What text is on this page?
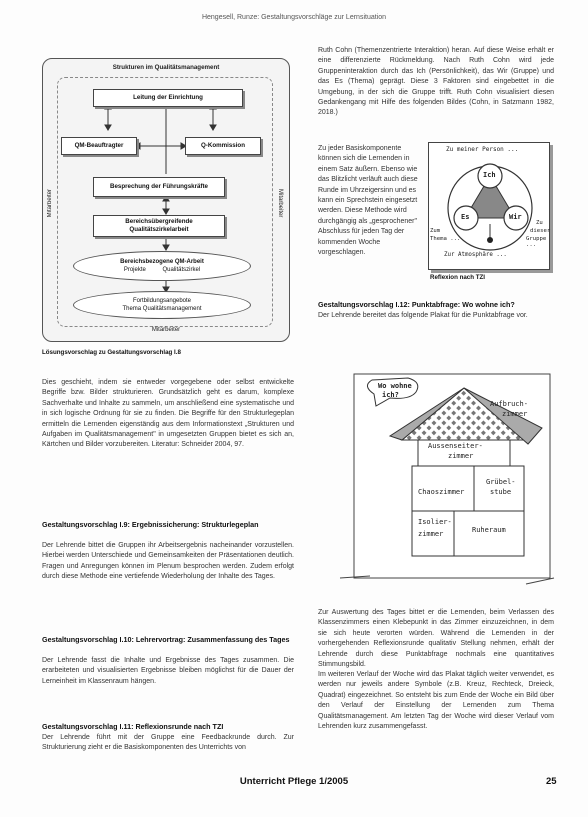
Hengesell, Runze: Gestaltungsvorschläge zur Lernsituation
Strukturen im Qualitätsmanagement
Leitung der Einrichtung
QM-Beauftragter	Q-Kommission
Besprechung der Führungskräfte
Bereichsübergreifende
Qualitätszirkelarbeit
Bereichsbezogene QM-Arbeit
Projekte          Qualitätszirkel
Fortbildungsangebote
Thema Qualitätsmanagement
Mitarbeiter	Mitarbeiter
Mitarbeiter
Lösungsvorschlag zu Gestaltungsvorschlag I.8

Dies geschieht, indem sie entweder vorgegebene oder selbst entwickelte Begriffe bzw. Bilder strukturieren. Grundsätzlich geht es darum, komplexe Sachverhalte und Inhalte zu sammeln, um anschließend eine systematische und in sich logische Ordnung für sie zu finden. Die Begriffe für den Strukturlegeplan ermitteln die Lernenden eigenständig aus dem Informationstext „Strukturen und Aufgaben im Qualitätsmanagement" in umgesetzten Gruppen bietet es sich an, Kärtchen und Bilder vorzubereiten. Literatur: Schneider 2004, 97.

Gestaltungsvorschlag I.9: Ergebnissicherung: Strukturlegeplan

Der Lehrende bittet die Gruppen ihr Arbeitsergebnis nacheinander vorzustellen. Hierbei werden Unterschiede und Gemeinsamkeiten der Präsentationen deutlich. Fragen und Anregungen können im Plenum besprochen werden. Zudem erfolgt durch diese Methode eine vertiefende Wiederholung der Inhalte des Tages.

Gestaltungsvorschlag I.10: Lehrervortrag: Zusammenfassung des Tages

Der Lehrende fasst die Inhalte und Ergebnisse des Tages zusammen. Die erarbeiteten und visualisierten Ergebnisse bleiben möglichst für die Dauer der Lerneinheit im Klassenraum hängen.

Gestaltungsvorschlag I.11: Reflexionsrunde nach TZI

Der Lehrende führt mit der Gruppe eine Feedbackrunde durch. Zur Strukturierung zieht er die Basiskomponenten des Unterrichts von

Ruth Cohn (Themenzentrierte Interaktion) heran. Auf diese Weise erhält er eine differenzierte Rückmeldung. Nach Ruth Cohn wird jede Gruppeninteraktion durch das Ich (Persönlichkeit), das Wir (Gruppe) und das Es (Thema) geprägt. Diese 3 Faktoren sind eingebettet in die Umgebung, in der sich die Gruppe trifft. Ruth Cohn visualisiert diesen Gedankengang mit Hilfe des folgenden Bildes (Cohn, in Satzmann 1982, 2018.)

Zu jeder Basiskomponente können sich die Lernenden in einem Satz äußern. Ebenso wie das Blitzlicht verläuft auch diese Runde im Uhrzeigersinn und es kann ein Sprechstein eingesetzt werden. Diese Methode wird durchgängig als „gesprochener" Abschluss für jeden Tag der kommenden Woche vorgeschlagen.

Zu meiner Person ...
Ich
Es	Wir
Zum
Thema ...
Zu
dieser
Gruppe ...
Zur Atmosphäre ...
Reflexion nach TZI

Gestaltungsvorschlag I.12: Punktabfrage: Wo wohne ich?

Der Lehrende bereitet das folgende Plakat für die Punktabfrage vor.

Wo wohne
ich?
Aufbruch-
zimmer
Aussenseiter-
zimmer
Chaoszimmer
Grübel-
stube
Isolier-
zimmer	Ruheraum

Zur Auswertung des Tages bittet er die Lernenden, beim Verlassen des Klassenzimmers einen Klebepunkt in das Zimmer einzuzeichnen, in dem sie sich heute verorten würden. Während die Lernenden in der vorhergehenden Reflexionsrunde qualitativ Stellung nehmen, erhält der Lehrende durch diese Punktabfrage nochmals eine quantitatives Stimmungsbild.

Im weiteren Verlauf der Woche wird das Plakat täglich weiter verwendet, es werden nur jeweils andere Symbole (z.B. Kreuz, Rechteck, Dreieck, Quadrat) eingezeichnet. So entsteht bis zum Ende der Woche ein Bild über den Verlauf der Einstellung der Lernenden zum Thema Qualitätsmanagement. Am letzten Tag der Woche wird dieser Verlauf vom Lehrenden kurz zusammengefasst.

Unterricht Pflege 1/2005	25
